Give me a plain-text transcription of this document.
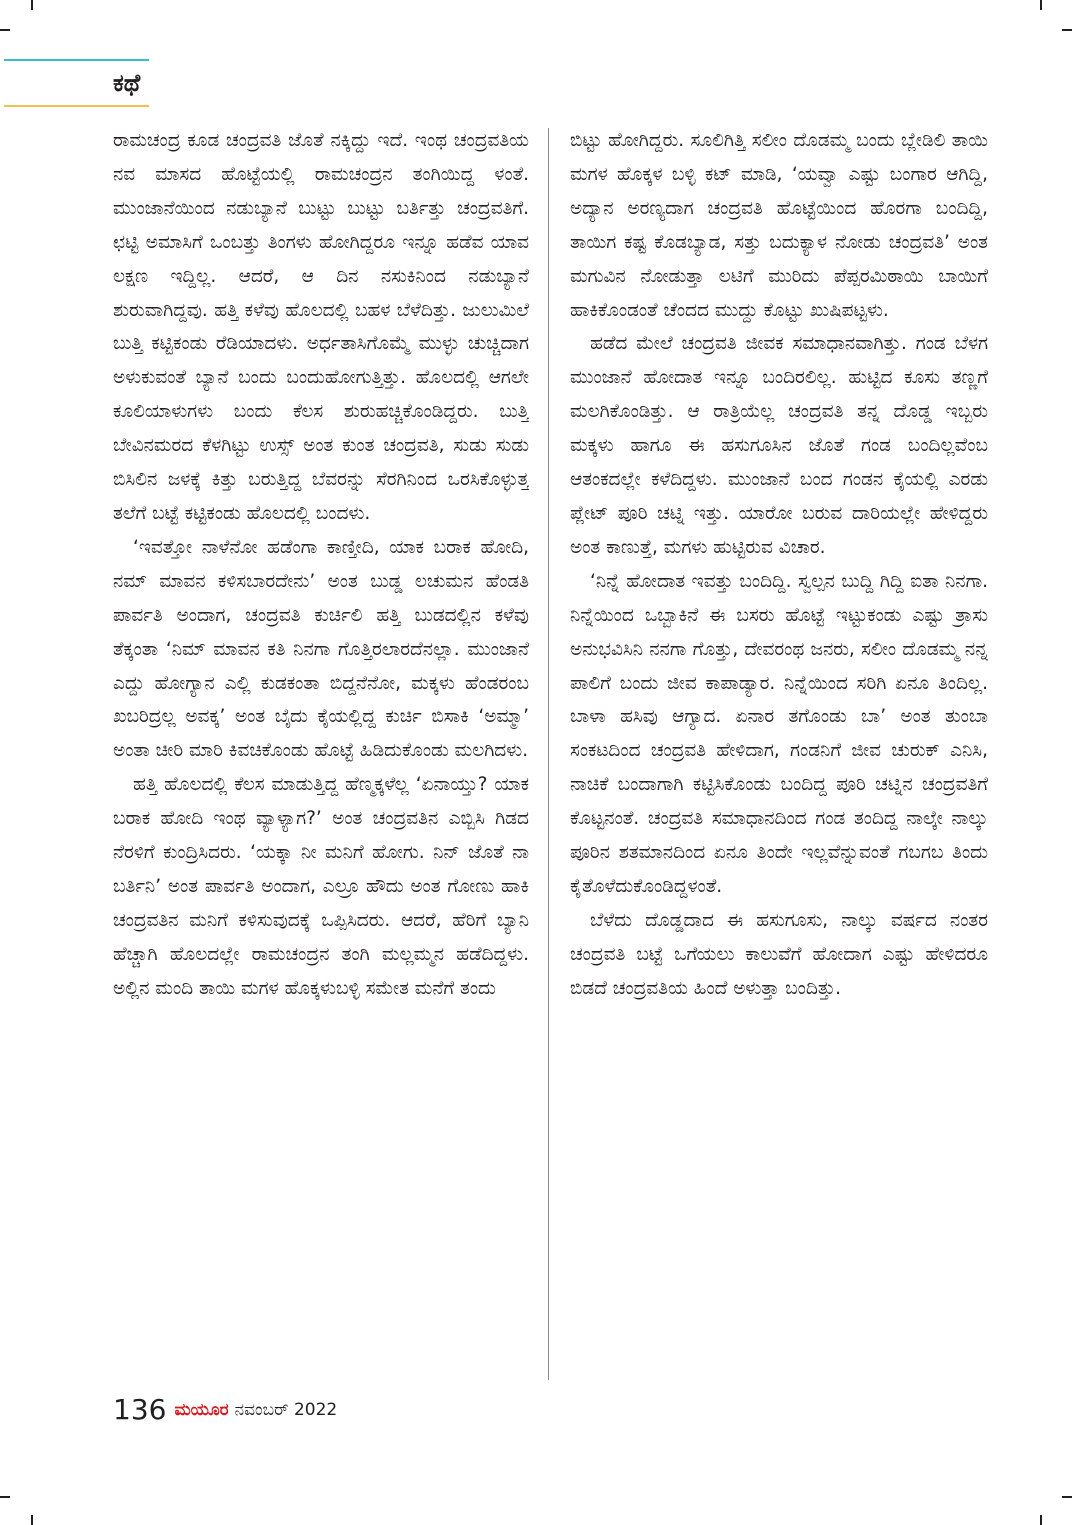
ಕಥೆ

ರಾಮಚಂದ್ರ ಕೂಡ ಚಂದ್ರವತಿ ಜೊತೆ ನಕ್ಕಿದ್ದು ಇದೆ. ಇಂಥ ಚಂದ್ರವತಿಯ ನವ ಮಾಸದ ಹೊಟ್ಟೆಯಲ್ಲಿ ರಾಮಚಂದ್ರನ ತಂಗಿಯಿದ್ದ ಳಂತೆ. ಮುಂಜಾನೆಯಿಂದ ನಡುಬ್ಯಾನೆ ಬುಟ್ಟು ಬುಟ್ಟು ಬರ್ತಿತ್ತು ಚಂದ್ರವತಿಗೆ. ಛಟ್ಟಿ ಅಮಾಸಿಗೆ ಒಂಬತ್ತು ತಿಂಗಳು ಹೋಗಿದ್ದರೂ ಇನ್ನೂ ಹಡೆವ ಯಾವ ಲಕ್ಷಣ ಇದ್ದಿಲ್ಲ. ಆದರೆ, ಆ ದಿನ ನಸುಕಿನಿಂದ ನಡುಬ್ಯಾನೆ ಶುರುವಾಗಿದ್ದವು. ಹತ್ತಿ ಕಳೆವು ಹೊಲದಲ್ಲಿ ಬಹಳ ಬೆಳೆದಿತ್ತು. ಜುಲುಮಿಲೆ ಬುತ್ತಿ ಕಟ್ಟಿಕಂಡು ರೆಡಿಯಾದಳು. ಅರ್ಧತಾಸಿಗೊಮ್ಮೆ ಮುಳ್ಳು ಚುಚ್ಚಿದಾಗ ಅಳುಕುವಂತೆ ಬ್ಯಾನೆ ಬಂದು ಬಂದುಹೋಗುತ್ತಿತ್ತು. ಹೊಲದಲ್ಲಿ ಆಗಲೇ ಕೂಲಿಯಾಳುಗಳು ಬಂದು ಕೆಲಸ ಶುರುಹಚ್ಚಿಕೊಂಡಿದ್ದರು. ಬುತ್ತಿ ಬೇವಿನಮರದ ಕೆಳಗಿಟ್ಟು ಉಸ್ಸ್ ಅಂತ ಕುಂತ ಚಂದ್ರವತಿ, ಸುಡು ಸುಡು ಬಿಸಿಲಿನ ಜಳಕ್ಕೆ ಕಿತ್ತು ಬರುತ್ತಿದ್ದ ಬೆವರನ್ನು ಸೆರಗಿನಿಂದ ಒರಸಿಕೊಳ್ಳುತ್ತ ತಲೆಗೆ ಬಟ್ಟೆ ಕಟ್ಟಿಕಂಡು ಹೊಲದಲ್ಲಿ ಬಂದಳು.

‘ಇವತ್ತೋ ನಾಳೆನೋ ಹಡೆಂಗಾ ಕಾಣ್ತೀದಿ, ಯಾಕ ಬರಾಕ ಹೋದಿ, ನಮ್ ಮಾವನ ಕಳಿಸಬಾರದೇನು’ ಅಂತ ಬುಡ್ಡ ಲಚುಮನ ಹೆಂಡತಿ ಪಾರ್ವತಿ ಅಂದಾಗ, ಚಂದ್ರವತಿ ಕುರ್ಚಿಲಿ ಹತ್ತಿ ಬುಡದಲ್ಲಿನ ಕಳೆವು ತೆಕ್ಕಂತಾ ‘ನಿಮ್ ಮಾವನ ಕತಿ ನಿನಗಾ ಗೊತ್ತಿರಲಾರದೆನಲ್ಲಾ. ಮುಂಜಾನೆ ಎದ್ದು ಹೋಗ್ಯಾನ ಎಲ್ಲಿ ಕುಡಕಂತಾ ಬಿದ್ದನೆನೋ, ಮಕ್ಕಳು ಹೆಂಡರಂಬ ಖಬರಿದ್ರಲ್ಲ ಅವಕ್ಕ’ ಅಂತ ಬೈದು ಕೈಯಲ್ಲಿದ್ದ ಕುರ್ಚಿ ಬಿಸಾಕಿ ‘ಅಮ್ಮಾ’ ಅಂತಾ ಚೀರಿ ಮಾರಿ ಕಿವಚಿಕೊಂಡು ಹೊಟ್ಟೆ ಹಿಡಿದುಕೊಂಡು ಮಲಗಿದಳು.

ಹತ್ತಿ ಹೊಲದಲ್ಲಿ ಕೆಲಸ ಮಾಡುತ್ತಿದ್ದ ಹೆಣ್ಮಕ್ಕಳೆಲ್ಲ ‘ಏನಾಯ್ತು? ಯಾಕ ಬರಾಕ ಹೋದಿ ಇಂಥ ವ್ಯಾಳ್ಯಾಗ?’ ಅಂತ ಚಂದ್ರವತಿನ ಎಬ್ಬಿಸಿ ಗಿಡದ ನೆರಳಿಗೆ ಕುಂದ್ರಿಸಿದರು. ‘ಯಕ್ಕಾ ನೀ ಮನಿಗೆ ಹೋಗು. ನಿನ್ ಜೊತೆ ನಾ ಬರ್ತಿನಿ’ ಅಂತ ಪಾರ್ವತಿ ಅಂದಾಗ, ಎಲ್ರೂ ಹೌದು ಅಂತ ಗೋಣು ಹಾಕಿ ಚಂದ್ರವತಿನ ಮನಿಗೆ ಕಳಿಸುವುದಕ್ಕೆ ಒಪ್ಪಿಸಿದರು. ಆದರೆ, ಹೆರಿಗೆ ಬ್ಯಾನಿ ಹೆಚ್ಚಾಗಿ ಹೊಲದಲ್ಲೇ ರಾಮಚಂದ್ರನ ತಂಗಿ ಮಲ್ಲಮ್ಮನ ಹಡೆದಿದ್ದಳು. ಅಲ್ಲಿನ ಮಂದಿ ತಾಯಿ ಮಗಳ ಹೊಕ್ಕಳುಬಳ್ಳಿ ಸಮೇತ ಮನೆಗೆ ತಂದು

ಬಿಟ್ಟು ಹೋಗಿದ್ದರು. ಸೂಲಿಗಿತ್ತಿ ಸಲೀಂ ದೊಡಮ್ಮ ಬಂದು ಬ್ಲೇಡಿಲಿ ತಾಯಿ ಮಗಳ ಹೊಕ್ಕಳ ಬಳ್ಳಿ ಕಟ್ ಮಾಡಿ, ‘ಯವ್ವಾ ಎಷ್ಟು ಬಂಗಾರ ಆಗಿದ್ದಿ, ಅದ್ಯಾನ ಅರಣ್ಯದಾಗ ಚಂದ್ರವತಿ ಹೊಟ್ಟೆಯಿಂದ ಹೊರಗಾ ಬಂದಿದ್ದಿ, ತಾಯಿಗ ಕಷ್ಟ ಕೊಡಬ್ಯಾಡ, ಸತ್ತು ಬದುಕ್ಯಾಳ ನೋಡು ಚಂದ್ರವತಿ’ ಅಂತ ಮಗುವಿನ ನೋಡುತ್ತಾ ಲಟಿಗೆ ಮುರಿದು ಪೆಪ್ಪರಮಿಠಾಯಿ ಬಾಯಿಗೆ ಹಾಕಿಕೊಂಡಂತೆ ಚೆಂದದ ಮುದ್ದು ಕೊಟ್ಟು ಖುಷಿಪಟ್ಟಳು.

ಹಡೆದ ಮೇಲೆ ಚಂದ್ರವತಿ ಜೀವಕ ಸಮಾಧಾನವಾಗಿತ್ತು. ಗಂಡ ಬೆಳಗ ಮುಂಜಾನೆ ಹೋದಾತ ಇನ್ನೂ ಬಂದಿರಲಿಲ್ಲ. ಹುಟ್ಟಿದ ಕೂಸು ತಣ್ಣಗೆ ಮಲಗಿಕೊಂಡಿತ್ತು. ಆ ರಾತ್ರಿಯೆಲ್ಲ ಚಂದ್ರವತಿ ತನ್ನ ದೊಡ್ಡ ಇಬ್ಬರು ಮಕ್ಕಳು ಹಾಗೂ ಈ ಹಸುಗೂಸಿನ ಜೊತೆ ಗಂಡ ಬಂದಿಲ್ಲವೆಂಬ ಆತಂಕದಲ್ಲೇ ಕಳೆದಿದ್ದಳು. ಮುಂಜಾನೆ ಬಂದ ಗಂಡನ ಕೈಯಲ್ಲಿ ಎರಡು ಪ್ಲೇಟ್ ಪೂರಿ ಚಟ್ನಿ ಇತ್ತು. ಯಾರೋ ಬರುವ ದಾರಿಯಲ್ಲೇ ಹೇಳಿದ್ದರು ಅಂತ ಕಾಣುತ್ತೆ, ಮಗಳು ಹುಟ್ಟಿರುವ ವಿಚಾರ.

‘ನಿನ್ನೆ ಹೋದಾತ ಇವತ್ತು ಬಂದಿದ್ದಿ. ಸ್ವಲ್ಪನ ಬುದ್ದಿ ಗಿದ್ದಿ ಐತಾ ನಿನಗಾ. ನಿನ್ನೆಯಿಂದ ಒಬ್ಬಾಕಿನೆ ಈ ಬಸರು ಹೊಟ್ಟೆ ಇಟ್ಟುಕಂಡು ಎಷ್ಟು ತ್ರಾಸು ಅನುಭವಿಸಿನಿ ನನಗಾ ಗೊತ್ತು, ದೇವರಂಥ ಜನರು, ಸಲೀಂ ದೊಡಮ್ಮ ನನ್ನ ಪಾಲಿಗೆ ಬಂದು ಜೀವ ಕಾಪಾಡ್ಯಾರ. ನಿನ್ನೆಯಿಂದ ಸರಿಗಿ ಏನೂ ತಿಂದಿಲ್ಲ. ಬಾಳಾ ಹಸಿವು ಆಗ್ಯಾದ. ಏನಾರ ತಗೊಂಡು ಬಾ’ ಅಂತ ತುಂಬಾ ಸಂಕಟದಿಂದ ಚಂದ್ರವತಿ ಹೇಳಿದಾಗ, ಗಂಡನಿಗೆ ಜೀವ ಚುರುಕ್ ಎನಿಸಿ, ನಾಚಿಕೆ ಬಂದಾಗಾಗಿ ಕಟ್ಟಿಸಿಕೊಂಡು ಬಂದಿದ್ದ ಪೂರಿ ಚಟ್ನಿನ ಚಂದ್ರವತಿಗೆ ಕೊಟ್ಟನಂತೆ. ಚಂದ್ರವತಿ ಸಮಾಧಾನದಿಂದ ಗಂಡ ತಂದಿದ್ದ ನಾಲ್ಕೇ ನಾಲ್ಕು ಪೂರಿನ ಶತಮಾನದಿಂದ ಏನೂ ತಿಂದೇ ಇಲ್ಲವೆನ್ನುವಂತೆ ಗಬಗಬ ತಿಂದು ಕೈತೊಳೆದುಕೊಂಡಿದ್ದಳಂತೆ.

ಬೆಳೆದು ದೊಡ್ಡದಾದ ಈ ಹಸುಗೂಸು, ನಾಲ್ಕು ವರ್ಷದ ನಂತರ ಚಂದ್ರವತಿ ಬಟ್ಟೆ ಒಗೆಯಲು ಕಾಲುವೆಗೆ ಹೋದಾಗ ಎಷ್ಟು ಹೇಳಿದರೂ ಬಿಡದೆ ಚಂದ್ರವತಿಯ ಹಿಂದೆ ಅಳುತ್ತಾ ಬಂದಿತ್ತು.

136 ಮಯೂರ ನವಂಬರ್ 2022
